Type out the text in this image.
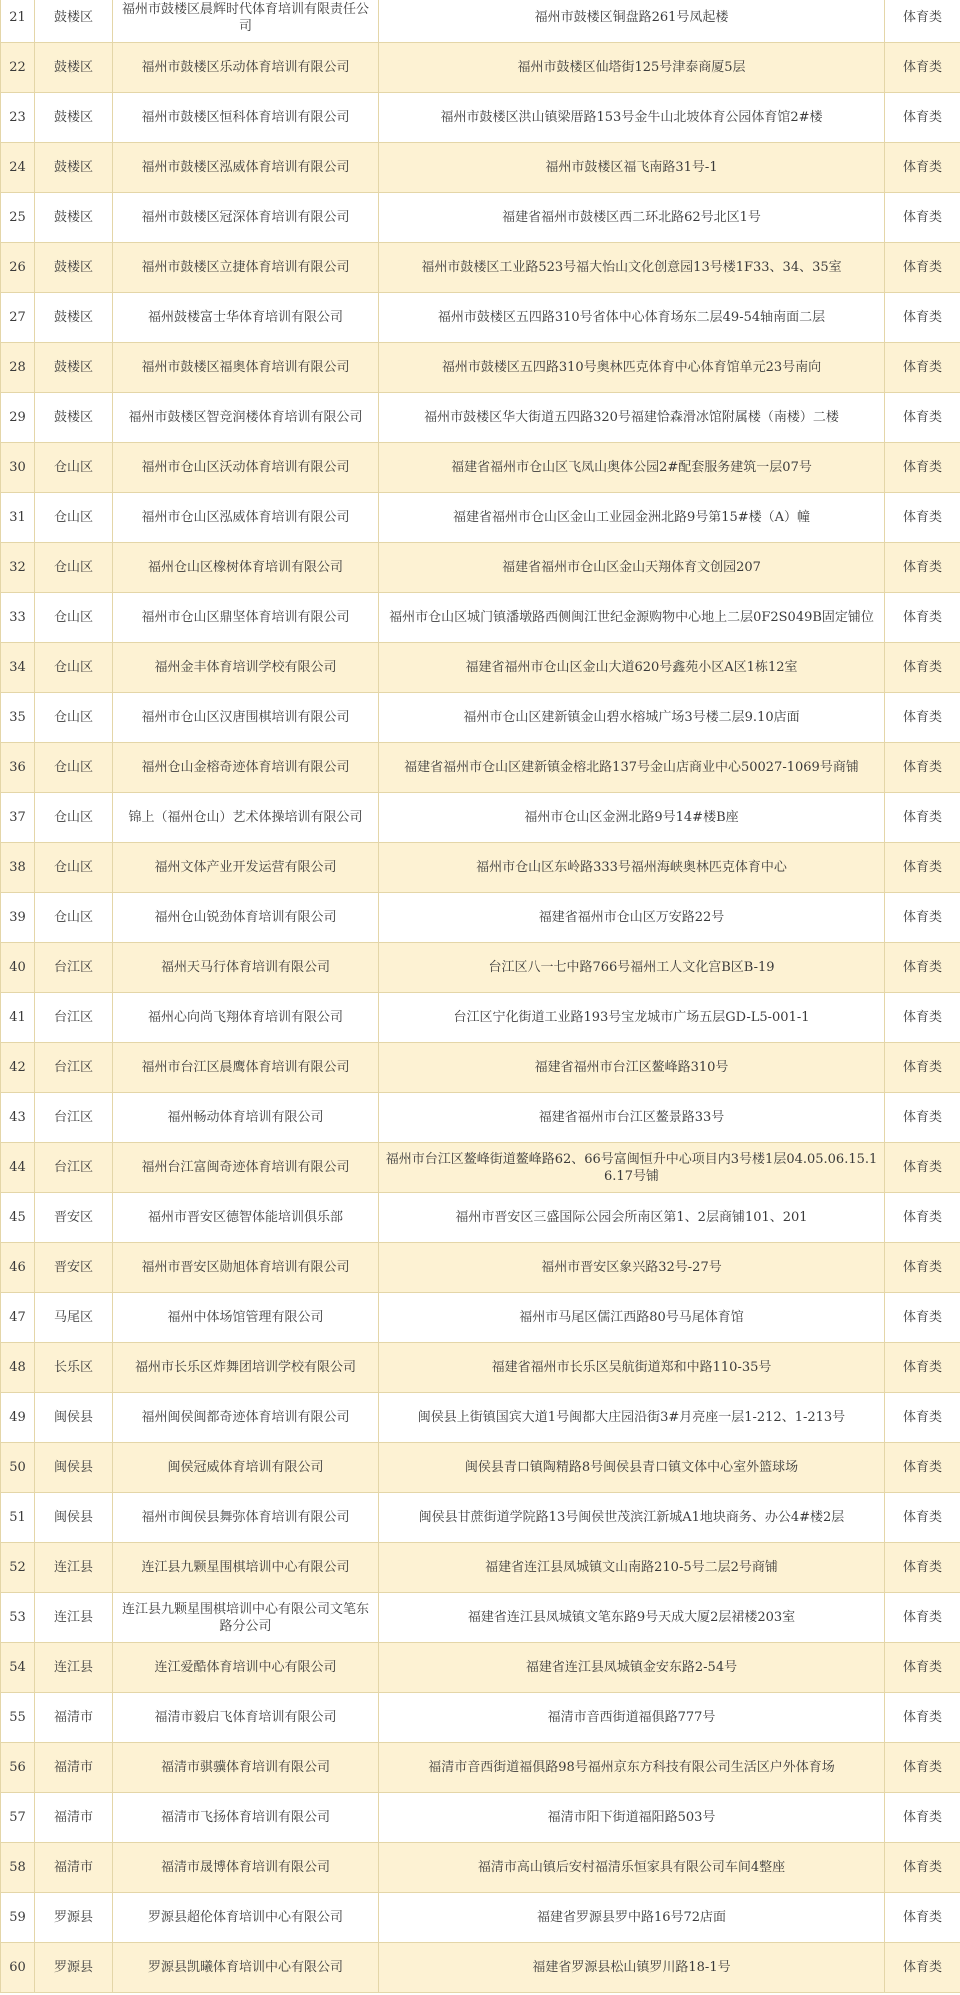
21	鼓楼区	福州市鼓楼区晨辉时代体育培训有限责任公司	福州市鼓楼区铜盘路261号凤起楼	体育类
22	鼓楼区	福州市鼓楼区乐动体育培训有限公司	福州市鼓楼区仙塔街125号津泰商厦5层	体育类
23	鼓楼区	福州市鼓楼区恒科体育培训有限公司	福州市鼓楼区洪山镇梁厝路153号金牛山北坡体育公园体育馆2#楼	体育类
24	鼓楼区	福州市鼓楼区泓威体育培训有限公司	福州市鼓楼区福飞南路31号-1	体育类
25	鼓楼区	福州市鼓楼区冠深体育培训有限公司	福建省福州市鼓楼区西二环北路62号北区1号	体育类
26	鼓楼区	福州市鼓楼区立捷体育培训有限公司	福州市鼓楼区工业路523号福大怡山文化创意园13号楼1F33、34、35室	体育类
27	鼓楼区	福州鼓楼富士华体育培训有限公司	福州市鼓楼区五四路310号省体中心体育场东二层49-54轴南面二层	体育类
28	鼓楼区	福州市鼓楼区福奥体育培训有限公司	福州市鼓楼区五四路310号奥林匹克体育中心体育馆单元23号南向	体育类
29	鼓楼区	福州市鼓楼区智竞润楼体育培训有限公司	福州市鼓楼区华大街道五四路320号福建恰森滑冰馆附属楼（南楼）二楼	体育类
30	仓山区	福州市仓山区沃动体育培训有限公司	福建省福州市仓山区飞凤山奥体公园2#配套服务建筑一层07号	体育类
31	仓山区	福州市仓山区泓威体育培训有限公司	福建省福州市仓山区金山工业园金洲北路9号第15#楼（A）幢	体育类
32	仓山区	福州仓山区橡树体育培训有限公司	福建省福州市仓山区金山天翔体育文创园207	体育类
33	仓山区	福州市仓山区鼎坚体育培训有限公司	福州市仓山区城门镇潘墩路西侧闽江世纪金源购物中心地上二层0F2S049B固定铺位	体育类
34	仓山区	福州金丰体育培训学校有限公司	福建省福州市仓山区金山大道620号鑫苑小区A区1栋12室	体育类
35	仓山区	福州市仓山区汉唐围棋培训有限公司	福州市仓山区建新镇金山碧水榕城广场3号楼二层9.10店面	体育类
36	仓山区	福州仓山金榕奇迹体育培训有限公司	福建省福州市仓山区建新镇金榕北路137号金山店商业中心50027-1069号商铺	体育类
37	仓山区	锦上（福州仓山）艺术体操培训有限公司	福州市仓山区金洲北路9号14#楼B座	体育类
38	仓山区	福州文体产业开发运营有限公司	福州市仓山区东岭路333号福州海峡奥林匹克体育中心	体育类
39	仓山区	福州仓山锐劲体育培训有限公司	福建省福州市仓山区万安路22号	体育类
40	台江区	福州天马行体育培训有限公司	台江区八一七中路766号福州工人文化宫B区B-19	体育类
41	台江区	福州心向尚飞翔体育培训有限公司	台江区宁化街道工业路193号宝龙城市广场五层GD-L5-001-1	体育类
42	台江区	福州市台江区晨鹰体育培训有限公司	福建省福州市台江区鳌峰路310号	体育类
43	台江区	福州畅动体育培训有限公司	福建省福州市台江区鳌景路33号	体育类
44	台江区	福州台江富闽奇迹体育培训有限公司	福州市台江区鳌峰街道鳌峰路62、66号富闽恒升中心项目内3号楼1层04.05.06.15.16.17号铺	体育类
45	晋安区	福州市晋安区德智体能培训俱乐部	福州市晋安区三盛国际公园会所南区第1、2层商铺101、201	体育类
46	晋安区	福州市晋安区勋旭体育培训有限公司	福州市晋安区象兴路32号-27号	体育类
47	马尾区	福州中体场馆管理有限公司	福州市马尾区儒江西路80号马尾体育馆	体育类
48	长乐区	福州市长乐区炸舞团培训学校有限公司	福建省福州市长乐区吴航街道郑和中路110-35号	体育类
49	闽侯县	福州闽侯闽都奇迹体育培训有限公司	闽侯县上街镇国宾大道1号闽都大庄园沿街3#月亮座一层1-212、1-213号	体育类
50	闽侯县	闽侯冠威体育培训有限公司	闽侯县青口镇陶精路8号闽侯县青口镇文体中心室外篮球场	体育类
51	闽侯县	福州市闽侯县舞弥体育培训有限公司	闽侯县甘蔗街道学院路13号闽侯世茂滨江新城A1地块商务、办公4#楼2层	体育类
52	连江县	连江县九颗星围棋培训中心有限公司	福建省连江县凤城镇文山南路210-5号二层2号商铺	体育类
53	连江县	连江县九颗星围棋培训中心有限公司文笔东路分公司	福建省连江县凤城镇文笔东路9号天成大厦2层裙楼203室	体育类
54	连江县	连江爱酷体育培训中心有限公司	福建省连江县凤城镇金安东路2-54号	体育类
55	福清市	福清市毅启飞体育培训有限公司	福清市音西街道福俱路777号	体育类
56	福清市	福清市骐骥体育培训有限公司	福清市音西街道福俱路98号福州京东方科技有限公司生活区户外体育场	体育类
57	福清市	福清市飞扬体育培训有限公司	福清市阳下街道福阳路503号	体育类
58	福清市	福清市晟博体育培训有限公司	福清市高山镇后安村福清乐恒家具有限公司车间4整座	体育类
59	罗源县	罗源县超伦体育培训中心有限公司	福建省罗源县罗中路16号72店面	体育类
60	罗源县	罗源县凯曦体育培训中心有限公司	福建省罗源县松山镇罗川路18-1号	体育类
